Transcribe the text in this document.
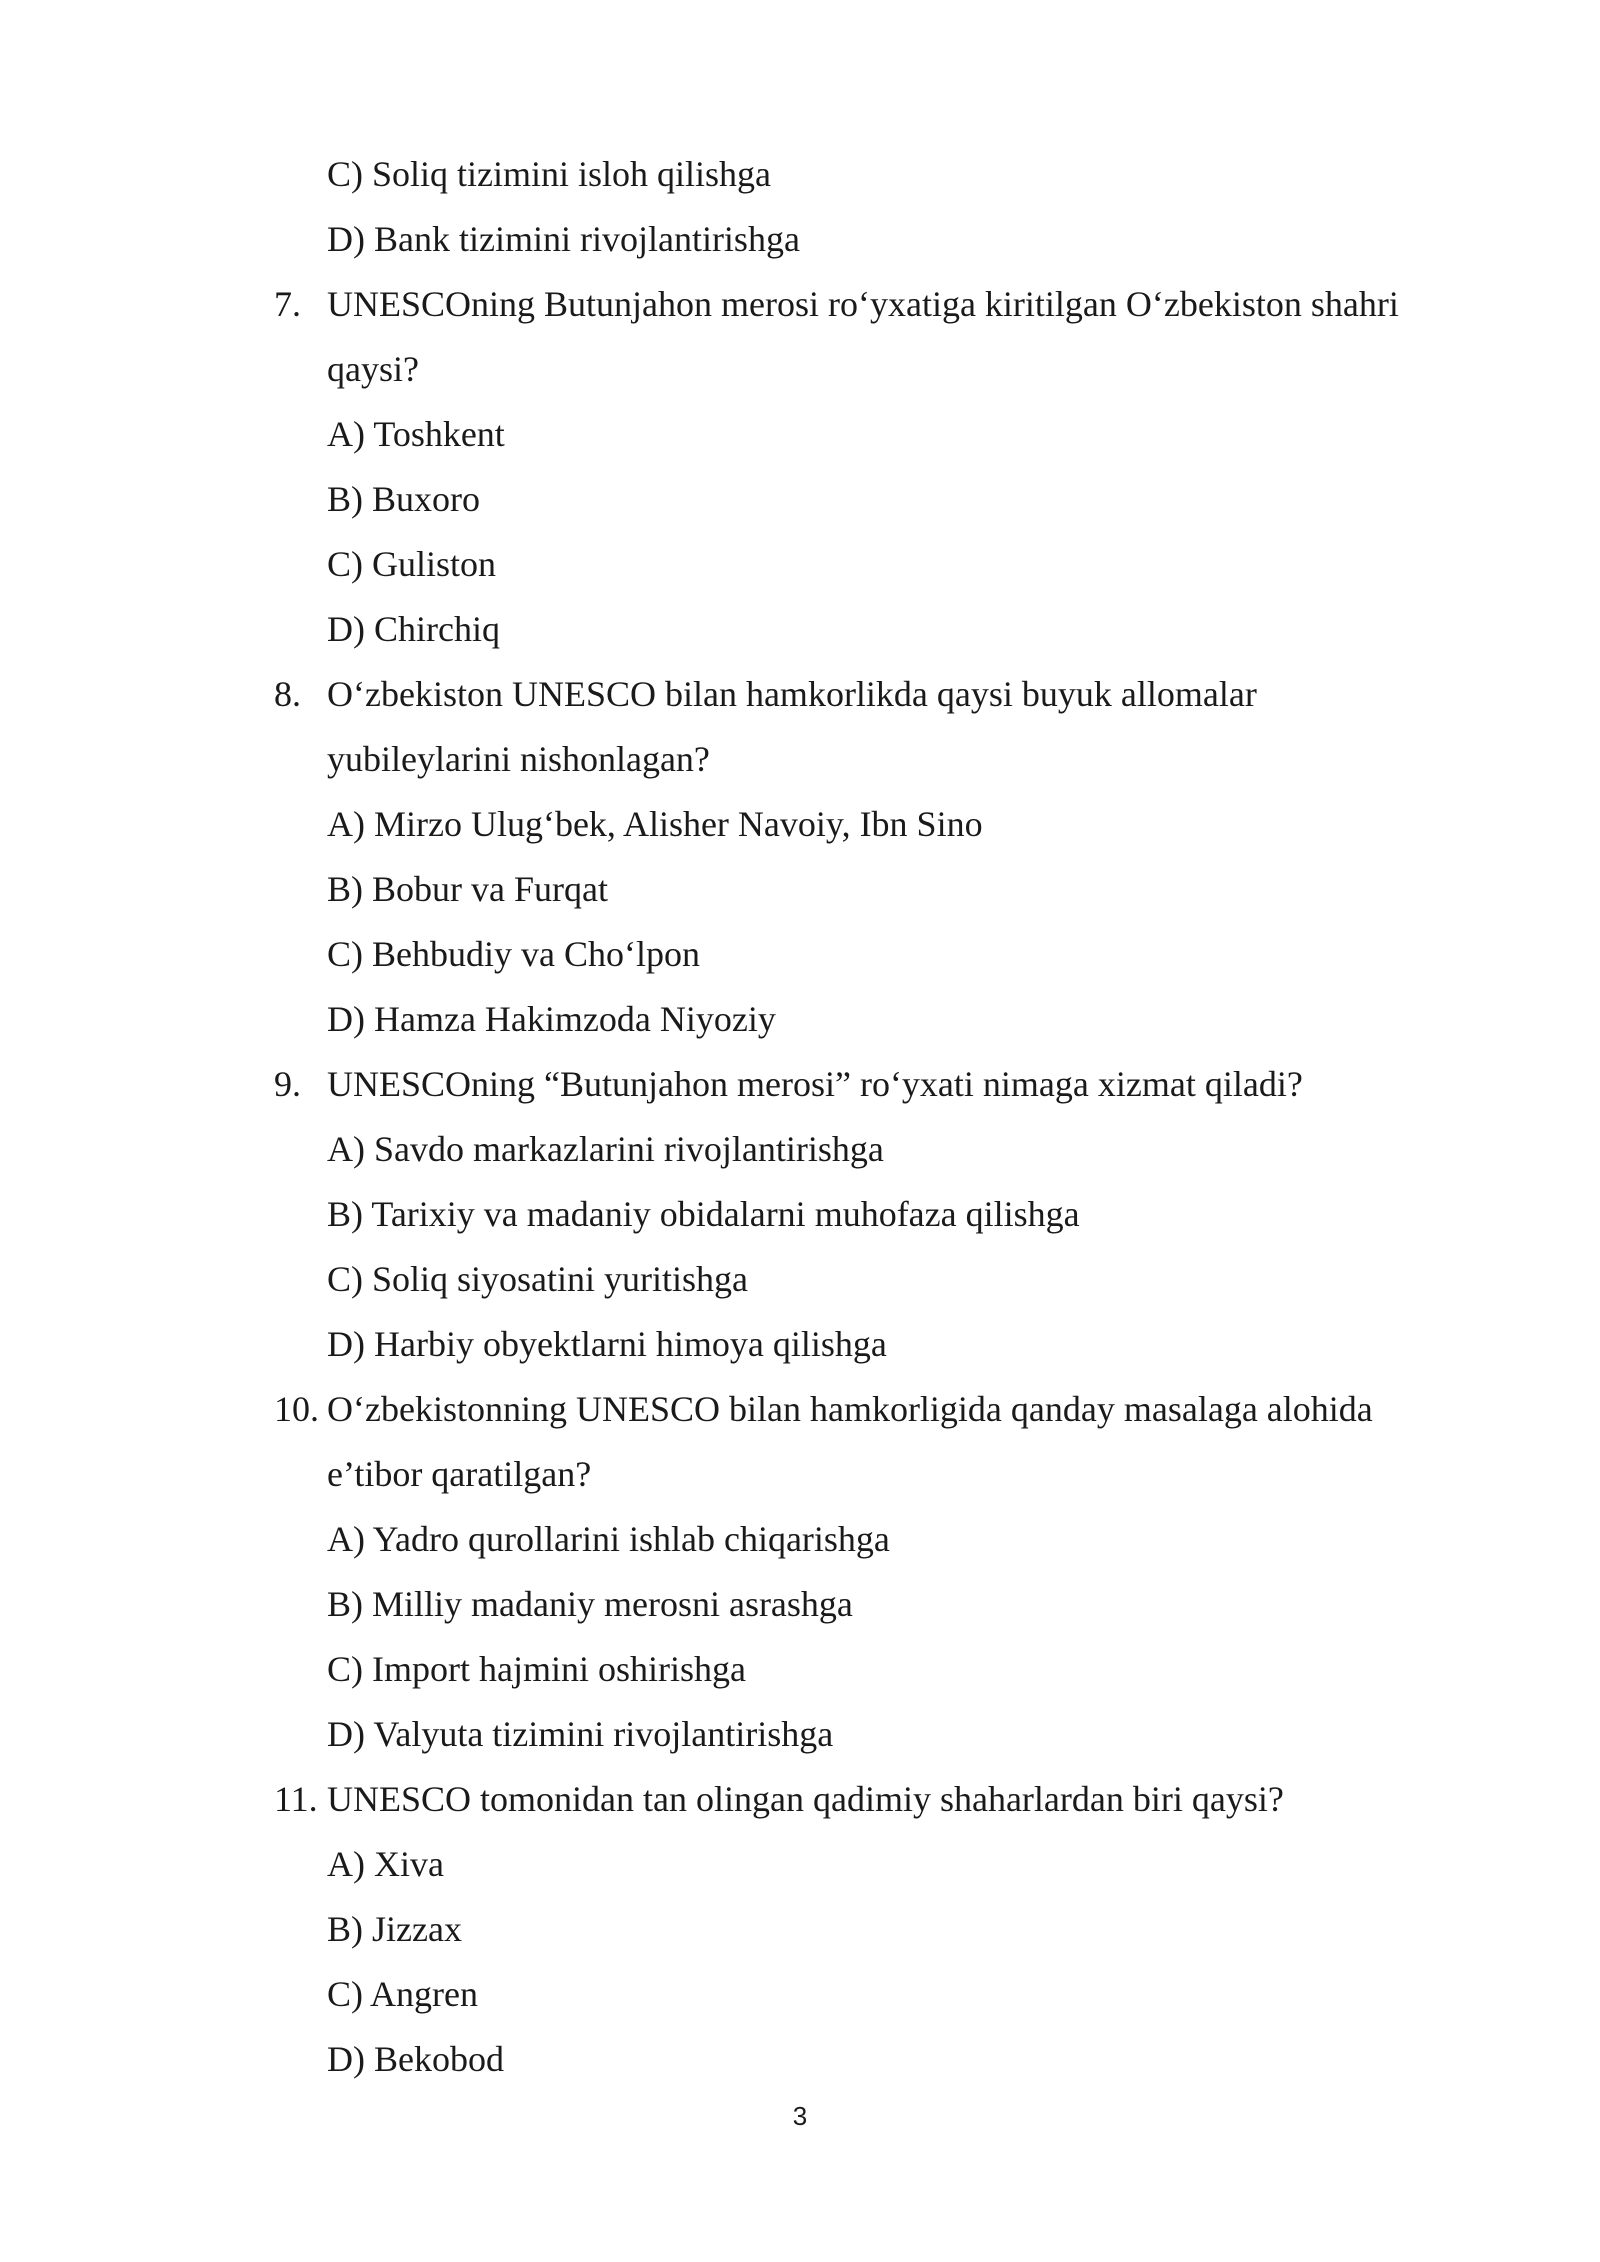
C) Soliq tizimini isloh qilishga
D) Bank tizimini rivojlantirishga
7. UNESCOning Butunjahon merosi ro‘yxatiga kiritilgan O‘zbekiston shahri
qaysi?
A) Toshkent
B) Buxoro
C) Guliston
D) Chirchiq
8. O‘zbekiston UNESCO bilan hamkorlikda qaysi buyuk allomalar
yubileylarini nishonlagan?
A) Mirzo Ulug‘bek, Alisher Navoiy, Ibn Sino
B) Bobur va Furqat
C) Behbudiy va Cho‘lpon
D) Hamza Hakimzoda Niyoziy
9. UNESCOning “Butunjahon merosi” ro‘yxati nimaga xizmat qiladi?
A) Savdo markazlarini rivojlantirishga
B) Tarixiy va madaniy obidalarni muhofaza qilishga
C) Soliq siyosatini yuritishga
D) Harbiy obyektlarni himoya qilishga
10. O‘zbekistonning UNESCO bilan hamkorligida qanday masalaga alohida
e’tibor qaratilgan?
A) Yadro qurollarini ishlab chiqarishga
B) Milliy madaniy merosni asrashga
C) Import hajmini oshirishga
D) Valyuta tizimini rivojlantirishga
11. UNESCO tomonidan tan olingan qadimiy shaharlardan biri qaysi?
A) Xiva
B) Jizzax
C) Angren
D) Bekobod
3
